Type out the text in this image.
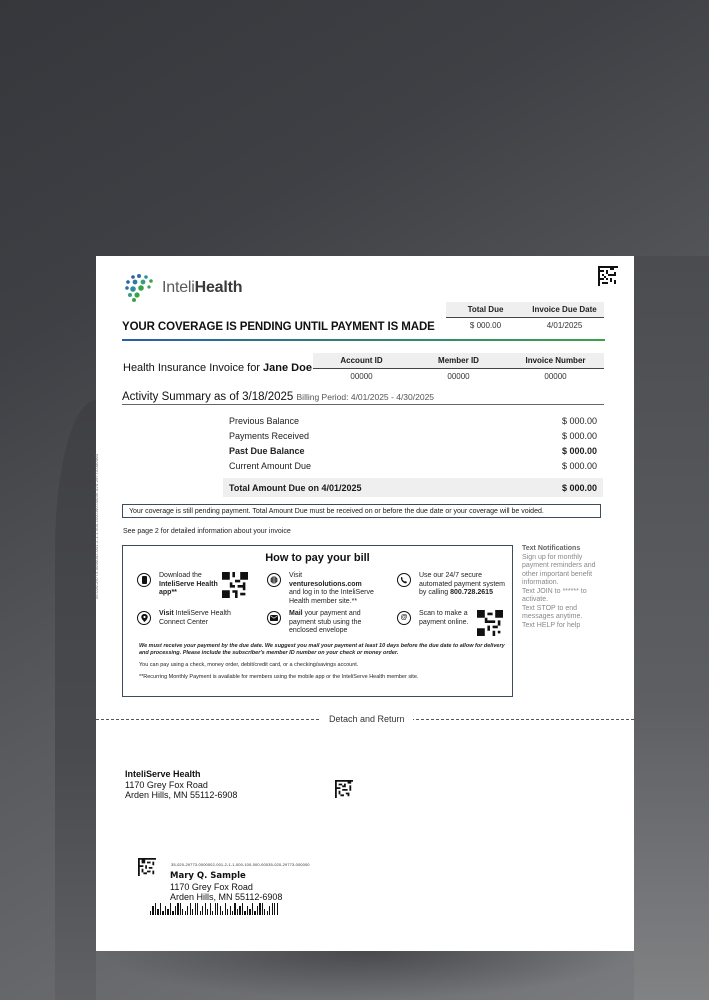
35-020-29773-0000002-001-2-1-1-000-100-000-00035-020-29773-000000
InteliHealth
Total Due	Invoice Due Date
$ 000.00	4/01/2025
YOUR COVERAGE IS PENDING UNTIL PAYMENT IS MADE
Health Insurance Invoice for Jane Doe
Account ID	Member ID	Invoice Number
00000	00000	00000
Activity Summary as of 3/18/2025 Billing Period: 4/01/2025 - 4/30/2025
Previous Balance	$ 000.00
Payments Received	$ 000.00
Past Due Balance	$ 000.00
Current Amount Due	$ 000.00
Total Amount Due on 4/01/2025	$ 000.00
Your coverage is still pending payment. Total Amount Due must be received on or before the due date or your coverage will be voided.
See page 2 for detailed information about your invoice
How to pay your bill
Download the
InteliServe Health
app**
Visit venturesolutions.com
and log in to the InteliServe Health member site.**
Use our 24/7 secure automated payment system by calling 800.728.2615
Visit InteliServe Health Connect Center
Mail your payment and payment stub using the enclosed envelope
@
Scan to make a payment online.

We must receive your payment by the due date. We suggest you mail your payment at least 10 days before the due date to allow for delivery and processing. Please include the subscriber's member ID number on your check or money order.

You can pay using a check, money order, debit/credit card, or a checking/savings account.

**Recurring Monthly Payment is available for members using the mobile app or the InteliServe Health member site.

Text Notifications
Sign up for monthly payment reminders and other important benefit information.
Text JOIN to ****** to activate.
Text STOP to end messages anytime.
Text HELP for help
Detach and Return
InteliServe Health
1170 Grey Fox Road
Arden Hills, MN 55112-6908
35-020-29773-0000002-001-2-1-1-000-100-000-00035-020-29773-000000
Mary Q. Sample
1170 Grey Fox Road
Arden Hills, MN 55112-6908
